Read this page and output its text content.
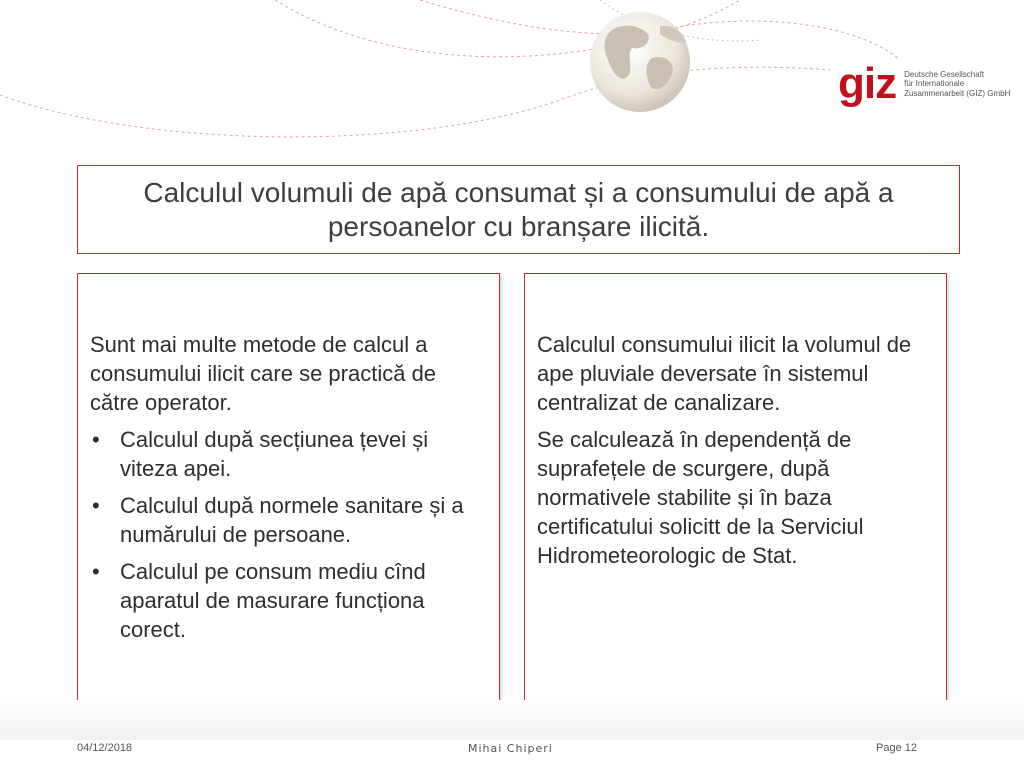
giz Deutsche Gesellschaft
für Internationale
Zusammenarbeit (GIZ) GmbH
Calculul volumuli de apă consumat și a consumului de apă a persoanelor cu branșare ilicită.

Sunt mai multe metode de calcul a consumului ilicit care se practică de către operator.

• Calculul după secțiunea țevei și viteza apei.
• Calculul după normele sanitare și a numărului de persoane.
• Calculul pe consum mediu cînd aparatul de masurare funcționa corect.

Calculul consumului ilicit la volumul de ape pluviale deversate în sistemul centralizat de canalizare.

Se calculează în dependență de suprafețele de scurgere, după normativele stabilite și în baza certificatului solicitt de la Serviciul Hidrometeorologic de Stat.

04/12/2018	Mihai Chiperi	Page 12
